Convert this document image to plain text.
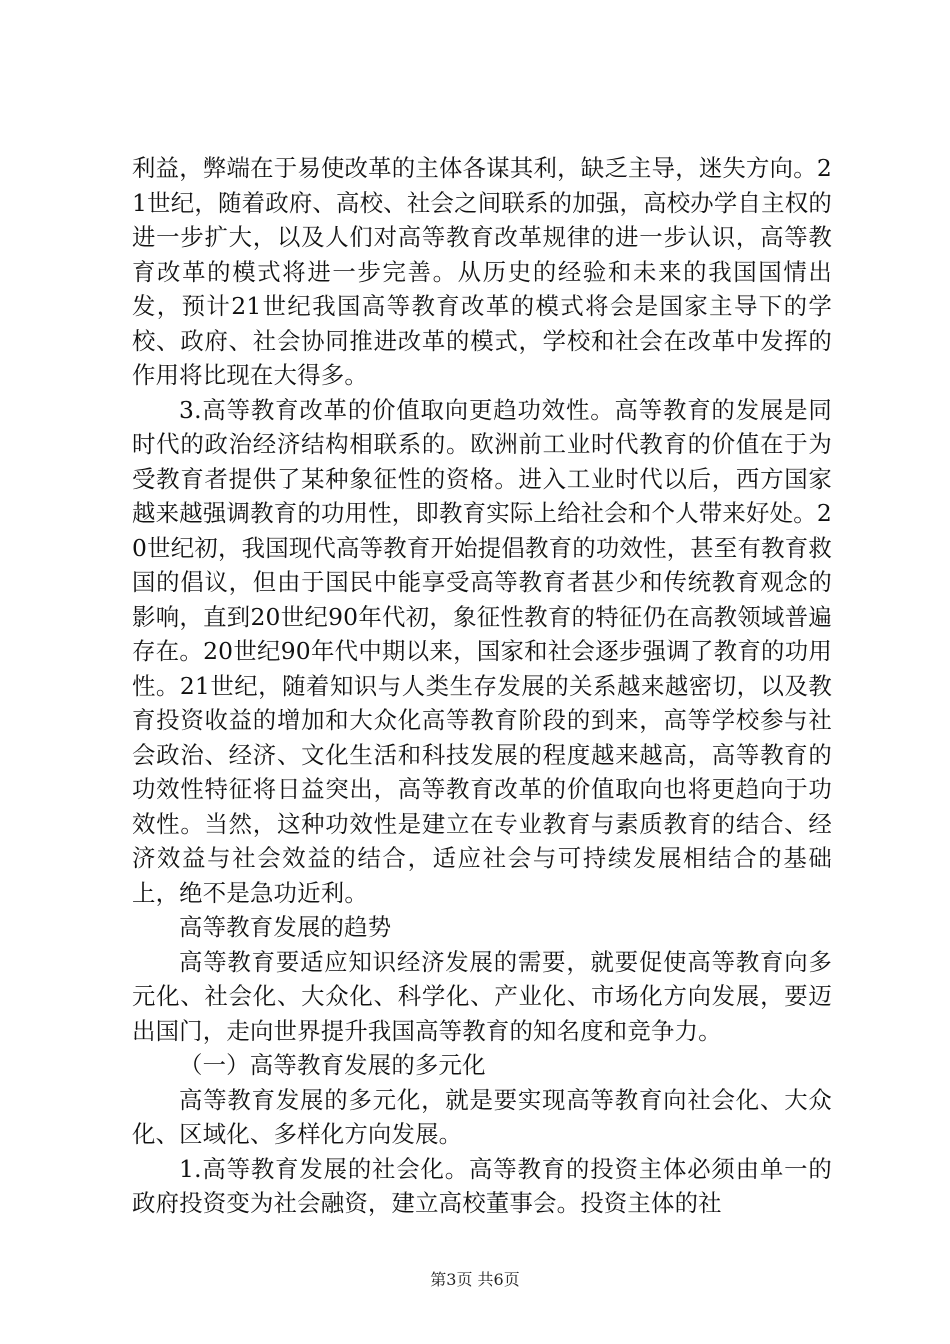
利益，弊端在于易使改革的主体各谋其利，缺乏主导，迷失方向。21世纪，随着政府、高校、社会之间联系的加强，高校办学自主权的进一步扩大，以及人们对高等教育改革规律的进一步认识，高等教育改革的模式将进一步完善。从历史的经验和未来的我国国情出发，预计21世纪我国高等教育改革的模式将会是国家主导下的学校、政府、社会协同推进改革的模式，学校和社会在改革中发挥的作用将比现在大得多。

3.高等教育改革的价值取向更趋功效性。高等教育的发展是同时代的政治经济结构相联系的。欧洲前工业时代教育的价值在于为受教育者提供了某种象征性的资格。进入工业时代以后，西方国家越来越强调教育的功用性，即教育实际上给社会和个人带来好处。20世纪初，我国现代高等教育开始提倡教育的功效性，甚至有教育救国的倡议，但由于国民中能享受高等教育者甚少和传统教育观念的影响，直到20世纪90年代初，象征性教育的特征仍在高教领域普遍存在。20世纪90年代中期以来，国家和社会逐步强调了教育的功用性。21世纪，随着知识与人类生存发展的关系越来越密切，以及教育投资收益的增加和大众化高等教育阶段的到来，高等学校参与社会政治、经济、文化生活和科技发展的程度越来越高，高等教育的功效性特征将日益突出，高等教育改革的价值取向也将更趋向于功效性。当然，这种功效性是建立在专业教育与素质教育的结合、经济效益与社会效益的结合，适应社会与可持续发展相结合的基础上，绝不是急功近利。

高等教育发展的趋势

高等教育要适应知识经济发展的需要，就要促使高等教育向多元化、社会化、大众化、科学化、产业化、市场化方向发展，要迈出国门，走向世界提升我国高等教育的知名度和竞争力。

（一）高等教育发展的多元化

高等教育发展的多元化，就是要实现高等教育向社会化、大众化、区域化、多样化方向发展。

1.高等教育发展的社会化。高等教育的投资主体必须由单一的政府投资变为社会融资，建立高校董事会。投资主体的社

第3页 共6页
